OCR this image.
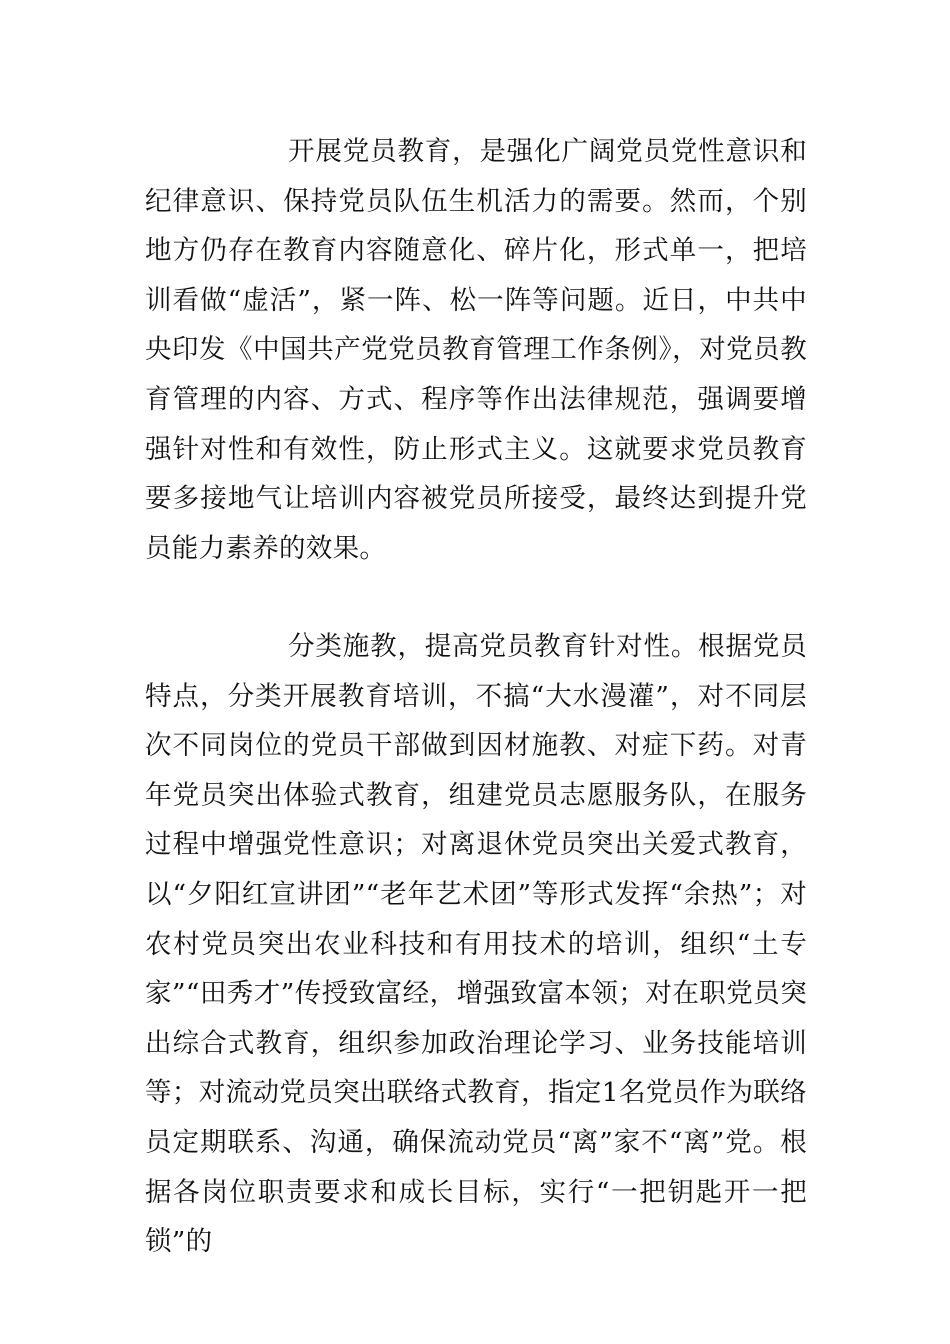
开展党员教育，是强化广阔党员党性意识和纪律意识、保持党员队伍生机活力的需要。然而，个别地方仍存在教育内容随意化、碎片化，形式单一，把培训看做“虚活”，紧一阵、松一阵等问题。近日，中共中央印发《中国共产党党员教育管理工作条例》，对党员教育管理的内容、方式、程序等作出法律规范，强调要增强针对性和有效性，防止形式主义。这就要求党员教育要多接地气让培训内容被党员所接受，最终达到提升党员能力素养的效果。

分类施教，提高党员教育针对性。根据党员特点，分类开展教育培训，不搞“大水漫灌”，对不同层次不同岗位的党员干部做到因材施教、对症下药。对青年党员突出体验式教育，组建党员志愿服务队，在服务过程中增强党性意识；对离退休党员突出关爱式教育，以“夕阳红宣讲团”“老年艺术团”等形式发挥“余热”；对农村党员突出农业科技和有用技术的培训，组织“土专家”“田秀才”传授致富经，增强致富本领；对在职党员突出综合式教育，组织参加政治理论学习、业务技能培训等；对流动党员突出联络式教育，指定1名党员作为联络员定期联系、沟通，确保流动党员“离”家不“离”党。根据各岗位职责要求和成长目标，实行“一把钥匙开一把锁”的
